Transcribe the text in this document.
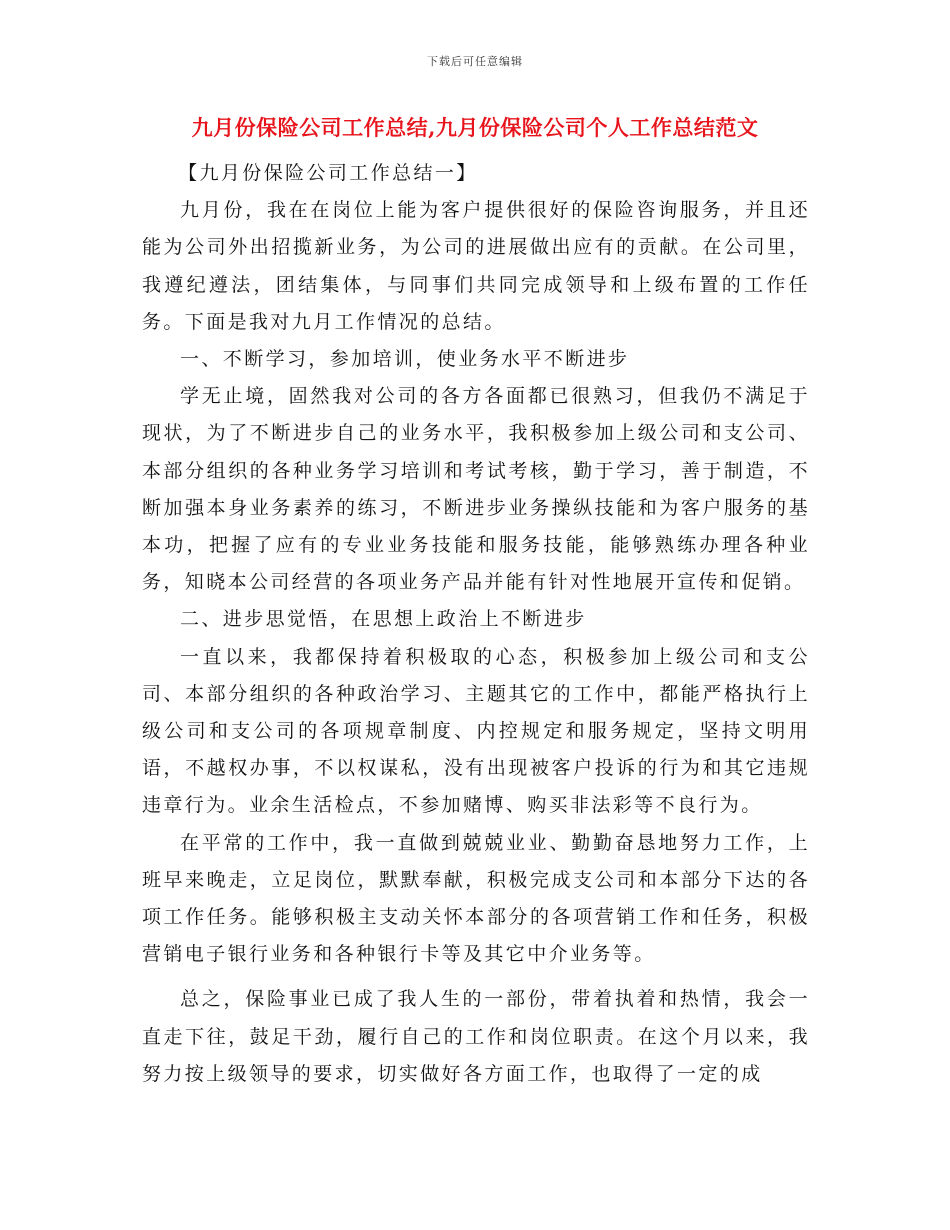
下载后可任意编辑
九月份保险公司工作总结,九月份保险公司个人工作总结范文

【九月份保险公司工作总结一】

九月份，我在在岗位上能为客户提供很好的保险咨询服务，并且还能为公司外出招揽新业务，为公司的进展做出应有的贡献。在公司里，我遵纪遵法，团结集体，与同事们共同完成领导和上级布置的工作任务。下面是我对九月工作情况的总结。

一、不断学习，参加培训，使业务水平不断进步

学无止境，固然我对公司的各方各面都已很熟习，但我仍不满足于现状，为了不断进步自己的业务水平，我积极参加上级公司和支公司、本部分组织的各种业务学习培训和考试考核，勤于学习，善于制造，不断加强本身业务素养的练习，不断进步业务操纵技能和为客户服务的基本功，把握了应有的专业业务技能和服务技能，能够熟练办理各种业务，知晓本公司经营的各项业务产品并能有针对性地展开宣传和促销。

二、进步思觉悟，在思想上政治上不断进步

一直以来，我都保持着积极取的心态，积极参加上级公司和支公司、本部分组织的各种政治学习、主题其它的工作中，都能严格执行上级公司和支公司的各项规章制度、内控规定和服务规定，坚持文明用语，不越权办事，不以权谋私，没有出现被客户投诉的行为和其它违规违章行为。业余生活检点，不参加赌博、购买非法彩等不良行为。

在平常的工作中，我一直做到兢兢业业、勤勤奋恳地努力工作，上班早来晚走，立足岗位，默默奉献，积极完成支公司和本部分下达的各项工作任务。能够积极主支动关怀本部分的各项营销工作和任务，积极营销电子银行业务和各种银行卡等及其它中介业务等。

总之，保险事业已成了我人生的一部份，带着执着和热情，我会一直走下往，鼓足干劲，履行自己的工作和岗位职责。在这个月以来，我努力按上级领导的要求，切实做好各方面工作，也取得了一定的成
